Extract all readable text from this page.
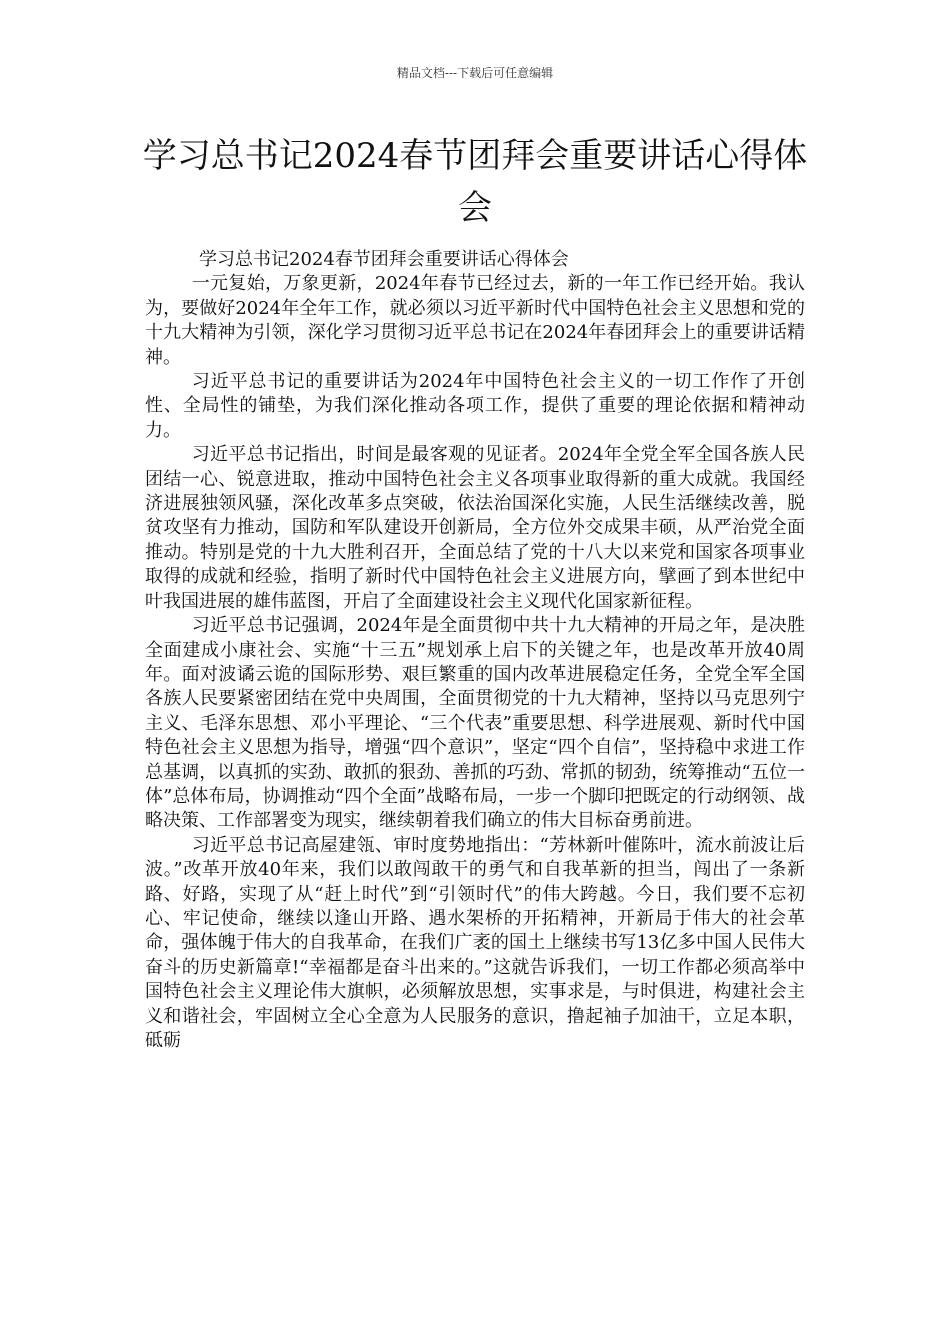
精品文档---下载后可任意编辑
学习总书记2024春节团拜会重要讲话心得体会

学习总书记2024春节团拜会重要讲话心得体会

一元复始，万象更新，2024年春节已经过去，新的一年工作已经开始。我认为，要做好2024年全年工作，就必须以习近平新时代中国特色社会主义思想和党的十九大精神为引领，深化学习贯彻习近平总书记在2024年春团拜会上的重要讲话精神。

习近平总书记的重要讲话为2024年中国特色社会主义的一切工作作了开创性、全局性的铺垫，为我们深化推动各项工作，提供了重要的理论依据和精神动力。

习近平总书记指出，时间是最客观的见证者。2024年全党全军全国各族人民团结一心、锐意进取，推动中国特色社会主义各项事业取得新的重大成就。我国经济进展独领风骚，深化改革多点突破，依法治国深化实施，人民生活继续改善，脱贫攻坚有力推动，国防和军队建设开创新局，全方位外交成果丰硕，从严治党全面推动。特别是党的十九大胜利召开，全面总结了党的十八大以来党和国家各项事业取得的成就和经验，指明了新时代中国特色社会主义进展方向，擘画了到本世纪中叶我国进展的雄伟蓝图，开启了全面建设社会主义现代化国家新征程。

习近平总书记强调，2024年是全面贯彻中共十九大精神的开局之年，是决胜全面建成小康社会、实施“十三五”规划承上启下的关键之年，也是改革开放40周年。面对波谲云诡的国际形势、艰巨繁重的国内改革进展稳定任务，全党全军全国各族人民要紧密团结在党中央周围，全面贯彻党的十九大精神，坚持以马克思列宁主义、毛泽东思想、邓小平理论、“三个代表”重要思想、科学进展观、新时代中国特色社会主义思想为指导，增强“四个意识”，坚定“四个自信”，坚持稳中求进工作总基调，以真抓的实劲、敢抓的狠劲、善抓的巧劲、常抓的韧劲，统筹推动“五位一体”总体布局，协调推动“四个全面”战略布局，一步一个脚印把既定的行动纲领、战略决策、工作部署变为现实，继续朝着我们确立的伟大目标奋勇前进。

习近平总书记高屋建瓴、审时度势地指出：“芳林新叶催陈叶，流水前波让后波。”改革开放40年来，我们以敢闯敢干的勇气和自我革新的担当，闯出了一条新路、好路，实现了从“赶上时代”到“引领时代”的伟大跨越。今日，我们要不忘初心、牢记使命，继续以逢山开路、遇水架桥的开拓精神，开新局于伟大的社会革命，强体魄于伟大的自我革命，在我们广袤的国土上继续书写13亿多中国人民伟大奋斗的历史新篇章!“幸福都是奋斗出来的。”这就告诉我们，一切工作都必须高举中国特色社会主义理论伟大旗帜，必须解放思想，实事求是，与时俱进，构建社会主义和谐社会，牢固树立全心全意为人民服务的意识，撸起袖子加油干，立足本职，砥砺
